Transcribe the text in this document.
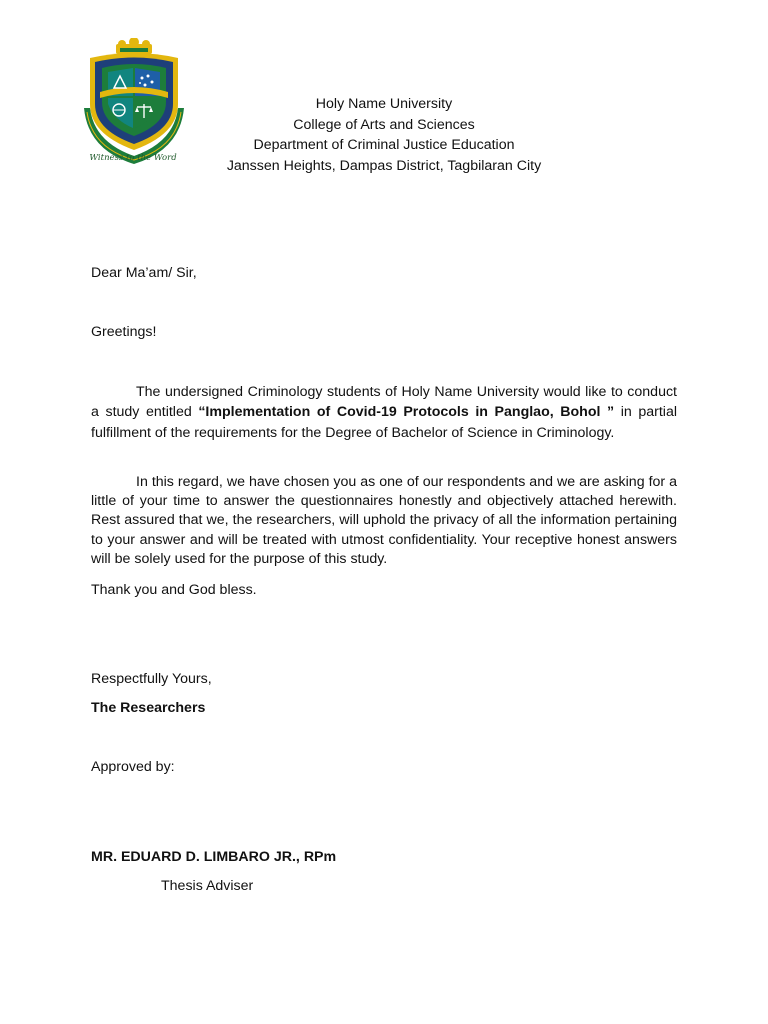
Witness to the Word
Holy Name University
College of Arts and Sciences
Department of Criminal Justice Education
Janssen Heights, Dampas District, Tagbilaran City
Dear Ma’am/ Sir,
Greetings!
The undersigned Criminology students of Holy Name University would like to conduct a study entitled “Implementation of Covid-19 Protocols in Panglao, Bohol ” in partial fulfillment of the requirements for the Degree of Bachelor of Science in Criminology.
In this regard, we have chosen you as one of our respondents and we are asking for a little of your time to answer the questionnaires honestly and objectively attached herewith. Rest assured that we, the researchers, will uphold the privacy of all the information pertaining to your answer and will be treated with utmost confidentiality. Your receptive honest answers will be solely used for the purpose of this study.
Thank you and God bless.
Respectfully Yours,
The Researchers
Approved by:
MR. EDUARD D. LIMBARO JR., RPm
Thesis Adviser
